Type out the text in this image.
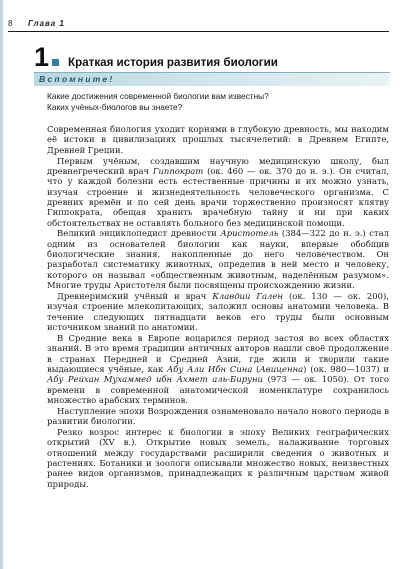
8	Глава 1
1 Краткая история развития биологии
Вспомните!

Какие достижения современной биологии вам известны?

Каких учёных-биологов вы знаете?

Современная биология уходит корнями в глубокую древность, мы находим её истоки в цивилизациях прошлых тысячелетий: в Древнем Египте, Древней Греции.

Первым учёным, создавшим научную медицинскую школу, был древнегреческий врач Гиппократ (ок. 460 — ок. 370 до н. э.). Он считал, что у каждой болезни есть естественные причины и их можно узнать, изучая строение и жизнедеятельность человеческого организма. С древних времён и по сей день врачи торжественно произносят клятву Гиппократа, обещая хранить врачебную тайну и ни при каких обстоятельствах не оставлять больного без медицинской помощи.

Великий энциклопедист древности Аристотель (384—322 до н. э.) стал одним из основателей биологии как науки, впервые обобщив биологические знания, накопленные до него человечеством. Он разработал систематику животных, определив в ней место и человеку, которого он называл «общественным животным, наделённым разумом». Многие труды Аристотеля были посвящены происхождению жизни.

Древнеримский учёный и врач Клавдий Гален (ок. 130 — ок. 200), изучая строение млекопитающих, заложил основы анатомии человека. В течение следующих пятнадцати веков его труды были основным источником знаний по анатомии.

В Средние века в Европе воцарился период застоя во всех областях знаний. В это время традиции античных авторов нашли своё продолжение в странах Передней и Средней Азии, где жили и творили такие выдающиеся учёные, как Абу Али Ибн Сина (Авиценна) (ок. 980—1037) и Абу Рейхан Мухаммед ибн Ахмет аль-Бируни (973 — ок. 1050). От того времени в современной анатомической номенклатуре сохранилось множество арабских терминов.

Наступление эпохи Возрождения ознаменовало начало нового периода в развитии биологии.

Резко возрос интерес к биологии в эпоху Великих географических открытий (XV в.). Открытие новых земель, налаживание торговых отношений между государствами расширили сведения о животных и растениях. Ботаники и зоологи описывали множество новых, неизвестных ранее видов организмов, принадлежащих к различным царствам живой природы.
